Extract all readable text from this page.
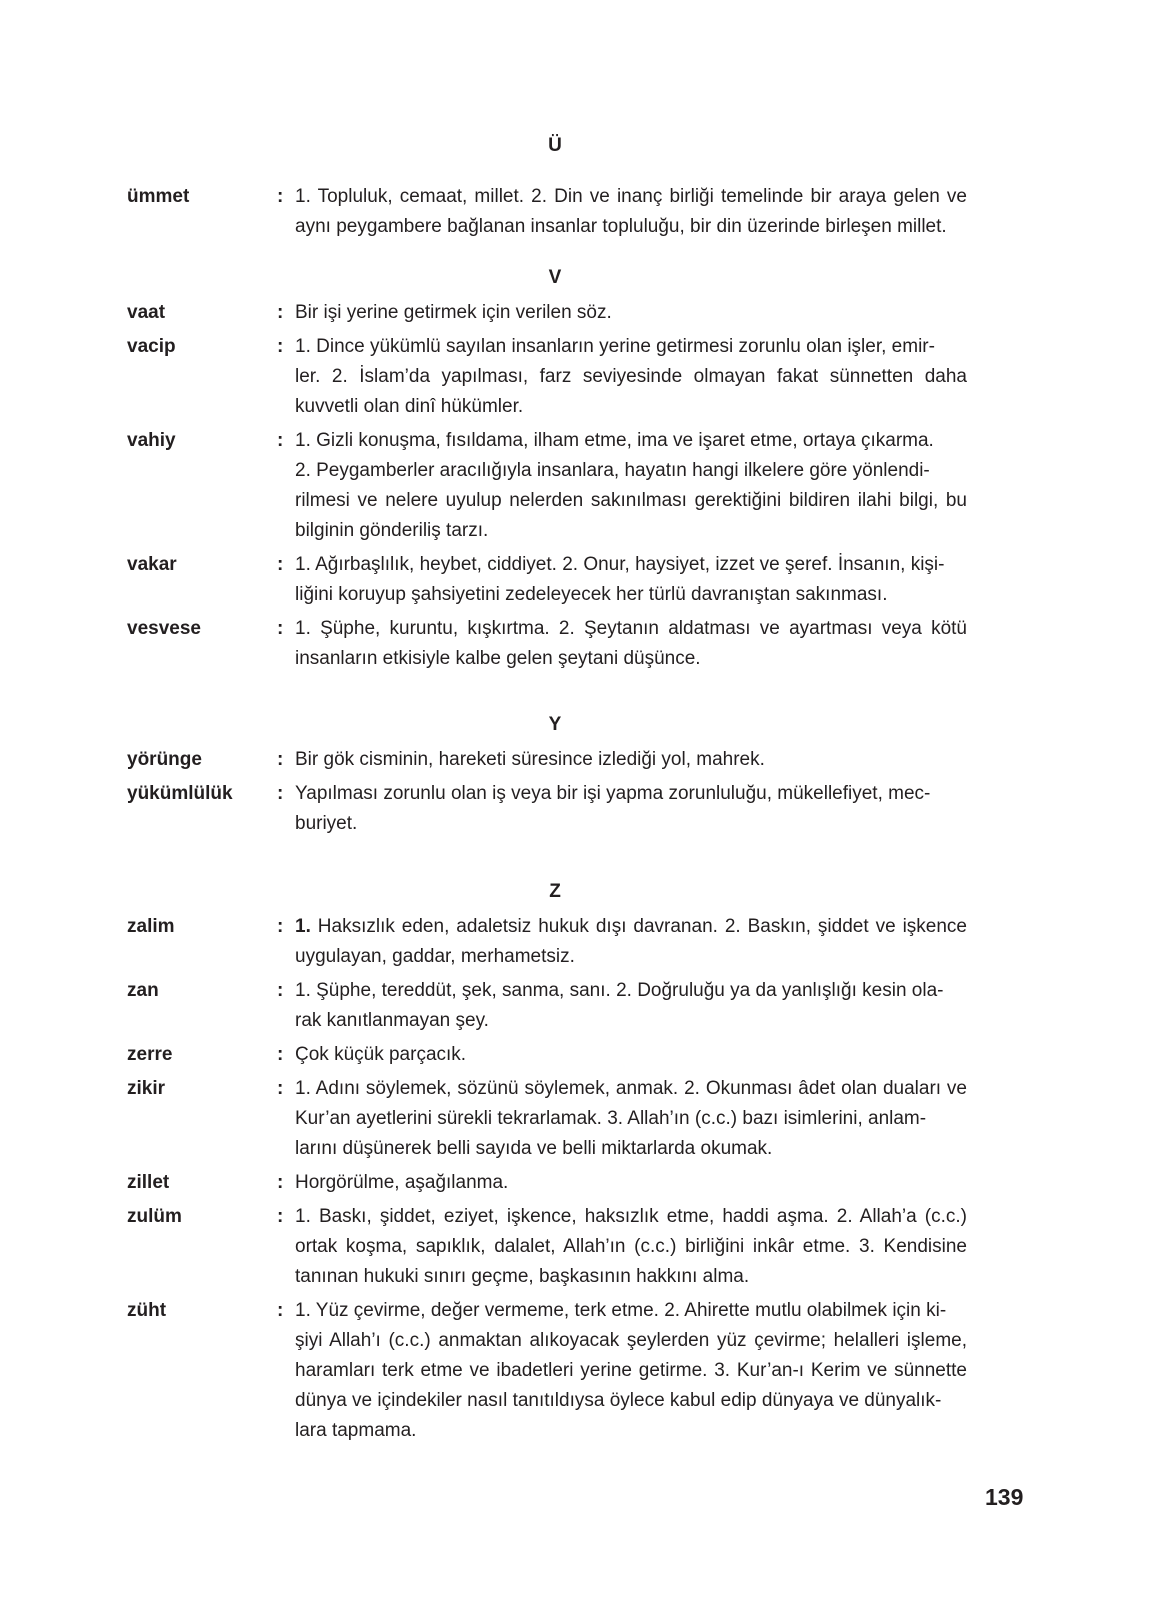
Ü
ümmet	: 1. Topluluk, cemaat, millet. 2. Din ve inanç birliği temelinde bir araya gelen ve aynı peygambere bağlanan insanlar topluluğu, bir din üzerinde birleşen millet.
V
vaat	: Bir işi yerine getirmek için verilen söz.
vacip	: 1. Dince yükümlü sayılan insanların yerine getirmesi zorunlu olan işler, emir-
ler. 2. İslam’da yapılması, farz seviyesinde olmayan fakat sünnetten daha kuvvetli olan dinî hükümler.
vahiy	: 1. Gizli konuşma, fısıldama, ilham etme, ima ve işaret etme, ortaya çıkarma.
2. Peygamberler aracılığıyla insanlara, hayatın hangi ilkelere göre yönlendi-
rilmesi ve nelere uyulup nelerden sakınılması gerektiğini bildiren ilahi bilgi, bu bilginin gönderiliş tarzı.
vakar	: 1. Ağırbaşlılık, heybet, ciddiyet. 2. Onur, haysiyet, izzet ve şeref. İnsanın, kişi-
liğini koruyup şahsiyetini zedeleyecek her türlü davranıştan sakınması.
vesvese	: 1. Şüphe, kuruntu, kışkırtma. 2. Şeytanın aldatması ve ayartması veya kötü insanların etkisiyle kalbe gelen şeytani düşünce.
Y
yörünge	: Bir gök cisminin, hareketi süresince izlediği yol, mahrek.
yükümlülük	: Yapılması zorunlu olan iş veya bir işi yapma zorunluluğu, mükellefiyet, mec-
buriyet.
Z
zalim	: 1. Haksızlık eden, adaletsiz hukuk dışı davranan. 2. Baskın, şiddet ve işkence uygulayan, gaddar, merhametsiz.
zan	: 1. Şüphe, tereddüt, şek, sanma, sanı. 2. Doğruluğu ya da yanlışlığı kesin ola-
rak kanıtlanmayan şey.
zerre	: Çok küçük parçacık.
zikir	: 1. Adını söylemek, sözünü söylemek, anmak. 2. Okunması âdet olan duaları ve Kur’an ayetlerini sürekli tekrarlamak. 3. Allah’ın (c.c.) bazı isimlerini, anlam-
larını düşünerek belli sayıda ve belli miktarlarda okumak.
zillet	: Horgörülme, aşağılanma.
zulüm	: 1. Baskı, şiddet, eziyet, işkence, haksızlık etme, haddi aşma. 2. Allah’a (c.c.) ortak koşma, sapıklık, dalalet, Allah’ın (c.c.) birliğini inkâr etme. 3. Kendisine tanınan hukuki sınırı geçme, başkasının hakkını alma.
züht	: 1. Yüz çevirme, değer vermeme, terk etme. 2. Ahirette mutlu olabilmek için ki-
şiyi Allah’ı (c.c.) anmaktan alıkoyacak şeylerden yüz çevirme; helalleri işleme, haramları terk etme ve ibadetleri yerine getirme. 3. Kur’an-ı Kerim ve sünnette dünya ve içindekiler nasıl tanıtıldıysa öylece kabul edip dünyaya ve dünyalık-
lara tapmama.
139
